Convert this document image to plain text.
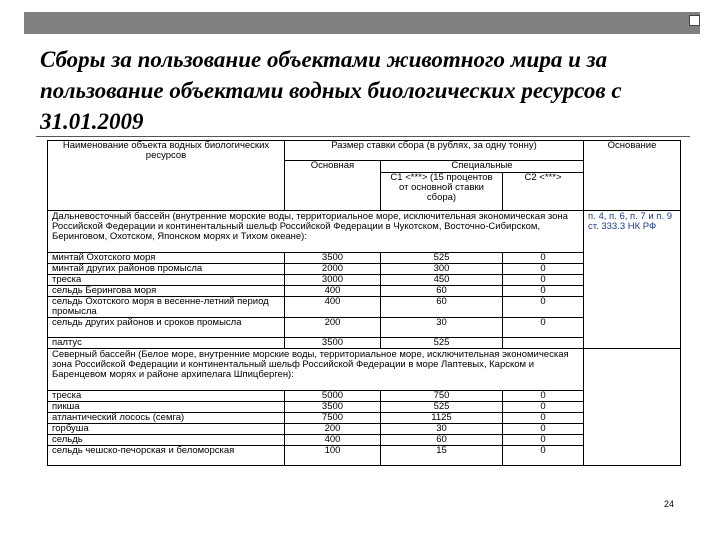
Сборы за пользование объектами животного мира и за пользование объектами водных биологических ресурсов с 31.01.2009
Наименование объекта водных биологических ресурсов	Размер ставки сбора (в рублях, за одну тонну)			Основание
	Основная	Специальные		
		С1 <***> (15 процентов от основной ставки сбора)	С2 <***>	
Дальневосточный бассейн (внутренние морские воды, территориальное море, исключительная экономическая зона Российской Федерации и континентальный шельф Российской Федерации в Чукотском, Восточно-Сибирском, Беринговом, Охотском, Японском морях и Тихом океане):				п. 4, п. 6, п. 7 и п. 9 ст. 333.3 НК РФ
минтай Охотского моря	3500	525	0	
минтай других районов промысла	2000	300	0	
треска	3000	450	0	
сельдь Берингова моря	400	60	0	
сельдь Охотского моря в весенне-летний период промысла	400	60	0	
сельдь других районов и сроков промысла	200	30	0	
палтус	3500	525		
Северный бассейн (Белое море, внутренние морские воды, территориальное море, исключительная экономическая зона Российской Федерации и континентальный шельф Российской Федерации в море Лаптевых, Карском и Баренцевом морях и районе архипелага Шпицберген):				
треска	5000	750	0	
пикша	3500	525	0	
атлантический лосось (семга)	7500	1125	0	
горбуша	200	30	0	
сельдь	400	60	0	
сельдь чешско-печорская и беломорская	100	15	0	
24
